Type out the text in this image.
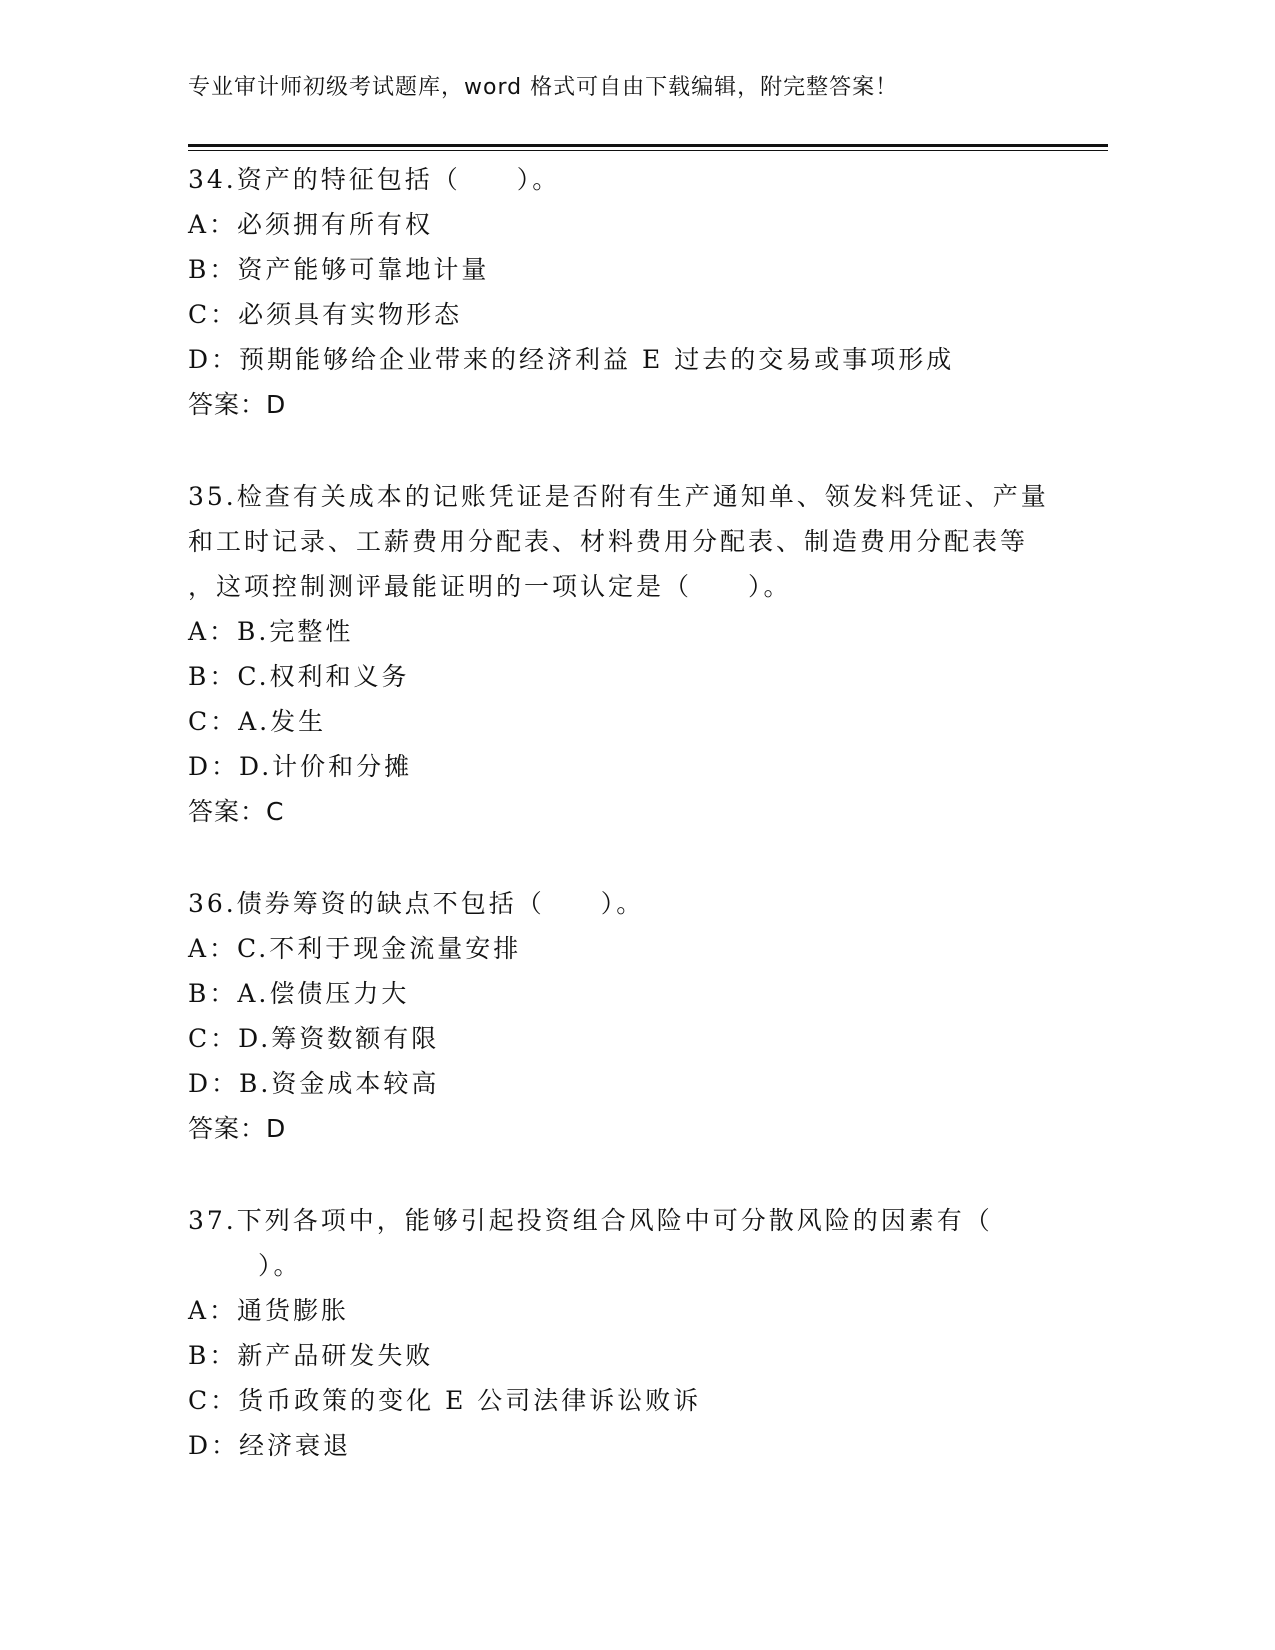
专业审计师初级考试题库，word 格式可自由下载编辑，附完整答案！
34.资产的特征包括（　　）。
A：必须拥有所有权
B：资产能够可靠地计量
C：必须具有实物形态
D：预期能够给企业带来的经济利益 E 过去的交易或事项形成
答案：D
35.检查有关成本的记账凭证是否附有生产通知单、领发料凭证、产量
和工时记录、工薪费用分配表、材料费用分配表、制造费用分配表等
，这项控制测评最能证明的一项认定是（　　）。
A：B.完整性
B：C.权利和义务
C：A.发生
D：D.计价和分摊
答案：C
36.债券筹资的缺点不包括（　　）。
A：C.不利于现金流量安排
B：A.偿债压力大
C：D.筹资数额有限
D：B.资金成本较高
答案：D
37.下列各项中，能够引起投资组合风险中可分散风险的因素有（
）。
A：通货膨胀
B：新产品研发失败
C：货币政策的变化 E 公司法律诉讼败诉
D：经济衰退
